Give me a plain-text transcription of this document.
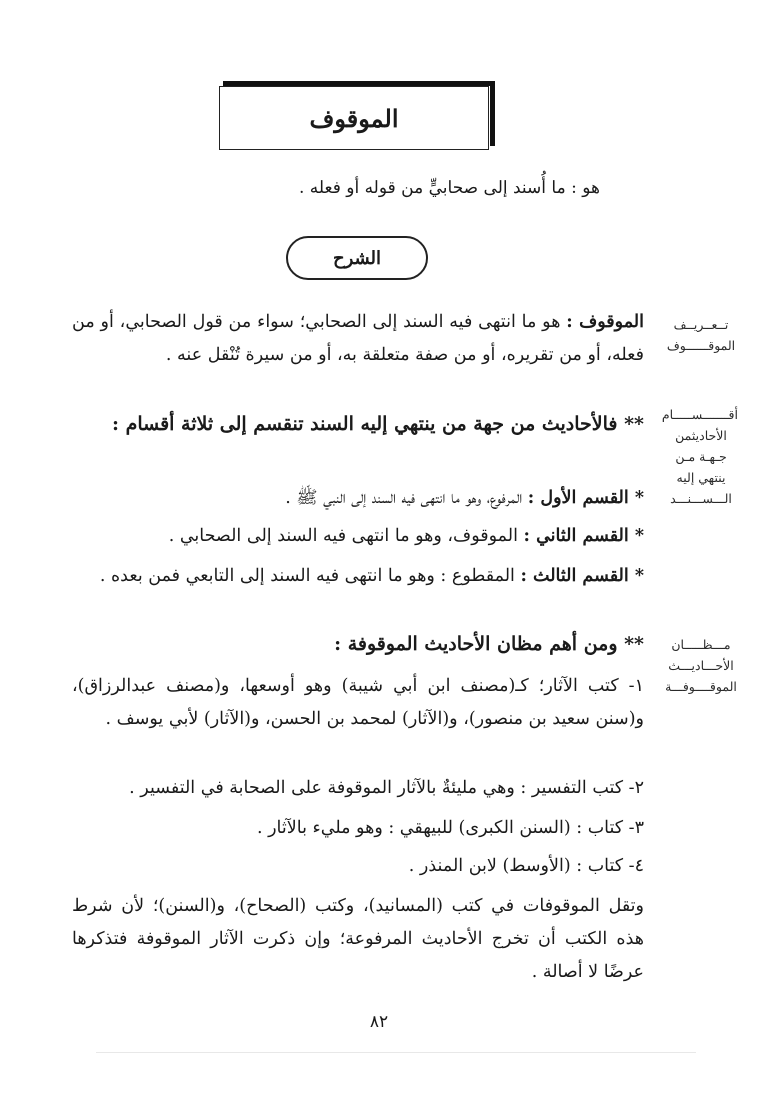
الموقوف
هو : ما أُسند إلى صحابيٍّ من قوله أو فعله .
الشرح
تــعــريــف
الموقــــــوف
أقـــــــســـــام
الأحاديثمن
جـهـة مـن
ينتهي إليه
الـــســـنـــد
مـــظـــــان
الأحـــاديـــث
الموقــــوفـــة
الموقوف : هو ما انتهى فيه السند إلى الصحابي؛ سواء من قول الصحابي، أو من فعله، أو من تقريره، أو من صفة متعلقة به، أو من سيرة تُنْقل عنه .
** فالأحاديث من جهة من ينتهي إليه السند تنقسم إلى ثلاثة أقسام :
* القسم الأول : المرفوع، وهو ما انتهى فيه السند إلى النبي ﷺ .
* القسم الثاني : الموقوف، وهو ما انتهى فيه السند إلى الصحابي .
* القسم الثالث : المقطوع : وهو ما انتهى فيه السند إلى التابعي فمن بعده .
** ومن أهم مظان الأحاديث الموقوفة :
١- كتب الآثار؛ كـ(مصنف ابن أبي شيبة) وهو أوسعها، و(مصنف عبدالرزاق)، و(سنن سعيد بن منصور)، و(الآثار) لمحمد بن الحسن، و(الآثار) لأبي يوسف .
٢- كتب التفسير : وهي مليئةٌ بالآثار الموقوفة على الصحابة في التفسير .
٣- كتاب : (السنن الكبرى) للبيهقي : وهو مليء بالآثار .
٤- كتاب : (الأوسط) لابن المنذر .
وتقل الموقوفات في كتب (المسانيد)، وكتب (الصحاح)، و(السنن)؛ لأن شرط هذه الكتب أن تخرج الأحاديث المرفوعة؛ وإن ذكرت الآثار الموقوفة فتذكرها عرضًا لا أصالة .
٨٢
